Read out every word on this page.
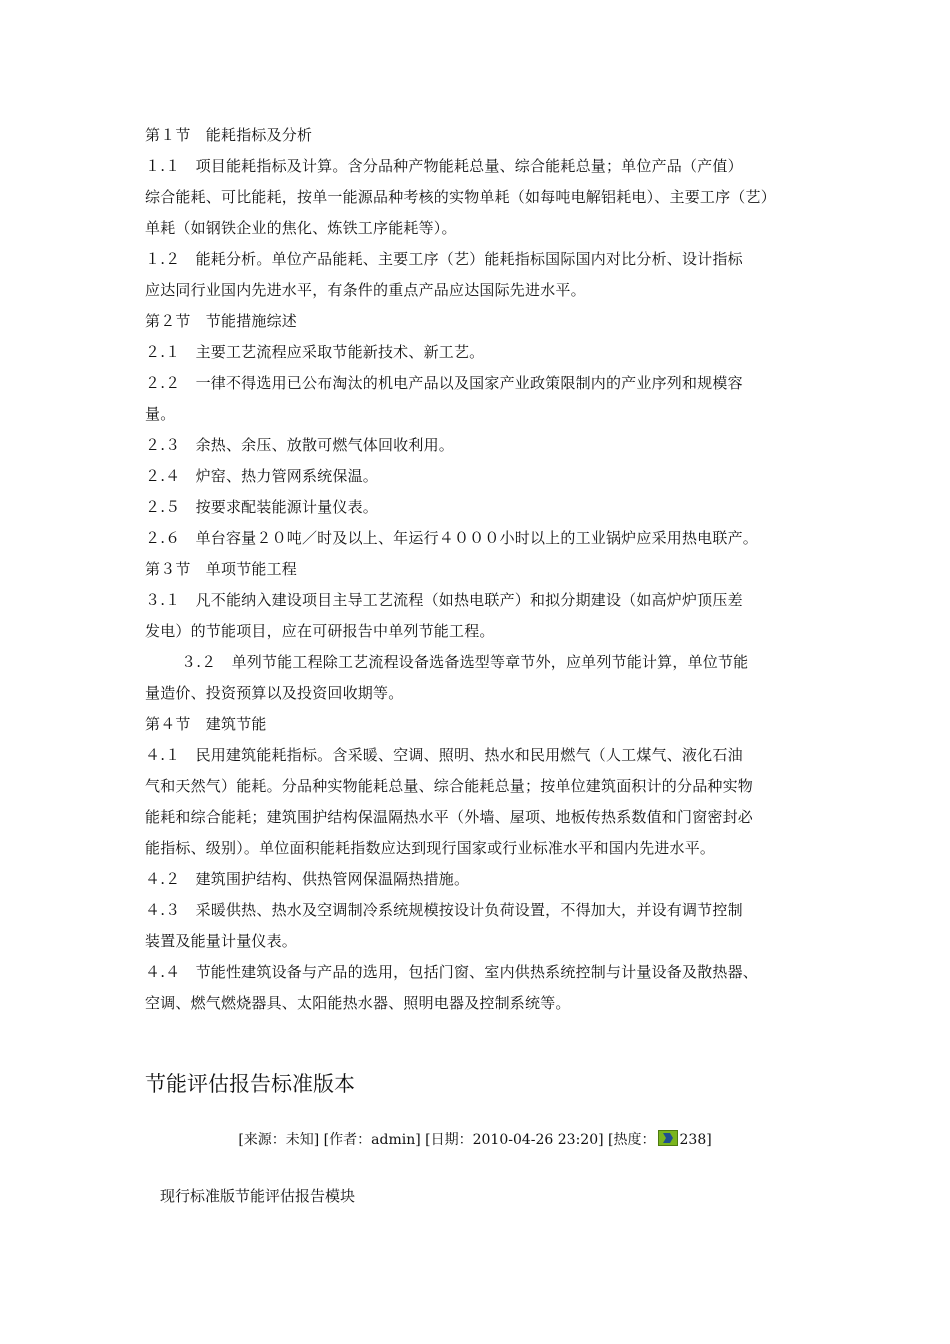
第１节　能耗指标及分析
１.１　项目能耗指标及计算。含分品种产物能耗总量、综合能耗总量；单位产品（产值）
综合能耗、可比能耗，按单一能源品种考核的实物单耗（如每吨电解铝耗电）、主要工序（艺）
单耗（如钢铁企业的焦化、炼铁工序能耗等）。
１.２　能耗分析。单位产品能耗、主要工序（艺）能耗指标国际国内对比分析、设计指标
应达同行业国内先进水平，有条件的重点产品应达国际先进水平。
第２节　节能措施综述
２.１　主要工艺流程应采取节能新技术、新工艺。
２.２　一律不得选用已公布淘汰的机电产品以及国家产业政策限制内的产业序列和规模容
量。
２.３　余热、余压、放散可燃气体回收利用。
２.４　炉窑、热力管网系统保温。
２.５　按要求配装能源计量仪表。
２.６　单台容量２０吨／时及以上、年运行４０００小时以上的工业锅炉应采用热电联产。
第３节　单项节能工程
３.１　凡不能纳入建设项目主导工艺流程（如热电联产）和拟分期建设（如高炉炉顶压差
发电）的节能项目，应在可研报告中单列节能工程。
３.２　单列节能工程除工艺流程设备选备选型等章节外，应单列节能计算，单位节能
量造价、投资预算以及投资回收期等。
第４节　建筑节能
４.１　民用建筑能耗指标。含采暖、空调、照明、热水和民用燃气（人工煤气、液化石油
气和天然气）能耗。分品种实物能耗总量、综合能耗总量；按单位建筑面积计的分品种实物
能耗和综合能耗；建筑围护结构保温隔热水平（外墙、屋项、地板传热系数值和门窗密封必
能指标、级别）。单位面积能耗指数应达到现行国家或行业标准水平和国内先进水平。
４.２　建筑围护结构、供热管网保温隔热措施。
４.３　采暖供热、热水及空调制冷系统规模按设计负荷设置，不得加大，并设有调节控制
装置及能量计量仪表。
４.４　节能性建筑设备与产品的选用，包括门窗、室内供热系统控制与计量设备及散热器、
空调、燃气燃烧器具、太阳能热水器、照明电器及控制系统等。
节能评估报告标准版本
[来源：未知] [作者：admin] [日期：2010-04-26 23:20] [热度： 238]
现行标准版节能评估报告模块
